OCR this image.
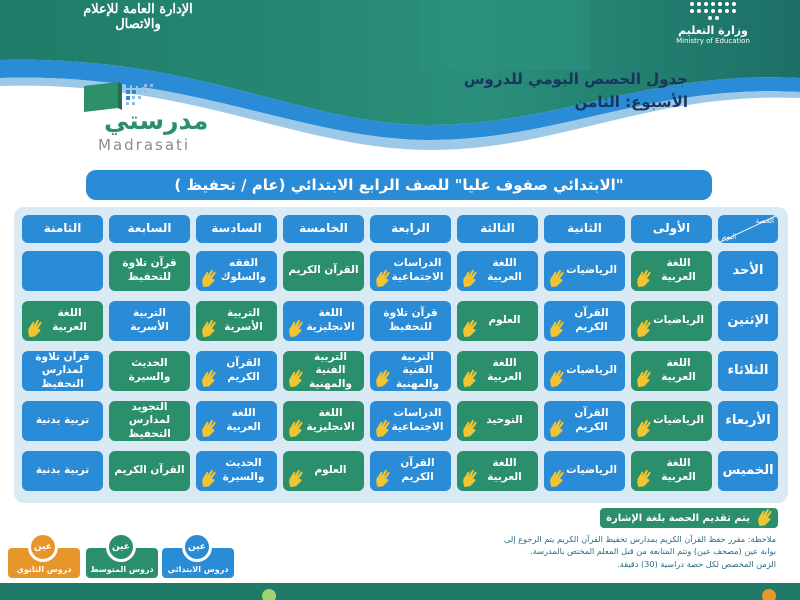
الإدارة العامة للإعلام والاتصال	وزارة التعليم
Ministry of Education
جدول الحصص اليومي للدروس
الأسبوع: الثامن
مدرستي
Madrasati
"الابتدائي صفوف عليا" للصف الرابع الابتدائي (عام / تحفيظ )
الحصة
اليوم
الأولى
الثانية
الثالثة
الرابعة
الخامسة
السادسة
السابعة
الثامنة
الأحد
اللغة العربية
الرياضيات
اللغة العربية
الدراسات
الاجتماعية
القرآن الكريم
الفقه
والسلوك
قرآن تلاوة
للتحفيظ
الإثنين
الرياضيات
القرآن الكريم
العلوم
قرآن تلاوة
للتحفيظ
اللغة
الانجليزية
التربية الأسرية
التربية الأسرية
اللغة العربية
الثلاثاء
اللغة العربية
الرياضيات
اللغة العربية
التربية الفنية
والمهنية
التربية الفنية
والمهنية
القرآن الكريم
الحديث والسيرة
قرآن تلاوة
لمدارس التحفيظ
الأربعاء
الرياضيات
القرآن الكريم
التوحيد
الدراسات
الاجتماعية
اللغة
الانجليزية
اللغة العربية
التجويد لمدارس
التحفيظ
تربية بدنية
الخميس
اللغة العربية
الرياضيات
اللغة العربية
القرآن الكريم
العلوم
الحديث
والسيرة
القرآن الكريم
تربية بدنية
يتم تقديم الحصة بلغة الإشارة
ملاحظة: مقرر حفظ القرآن الكريم بمدارس تحفيظ القرآن الكريم يتم الرجوع إلى
بوابة عين (مصحف عين) وتتم المتابعة من قبل المعلم المختص بالمدرسة.
الزمن المخصص لكل حصة دراسية (30) دقيقة.
دروس الابتدائي
عين
دروس المتوسط
عين
دروس الثانوي
عين
